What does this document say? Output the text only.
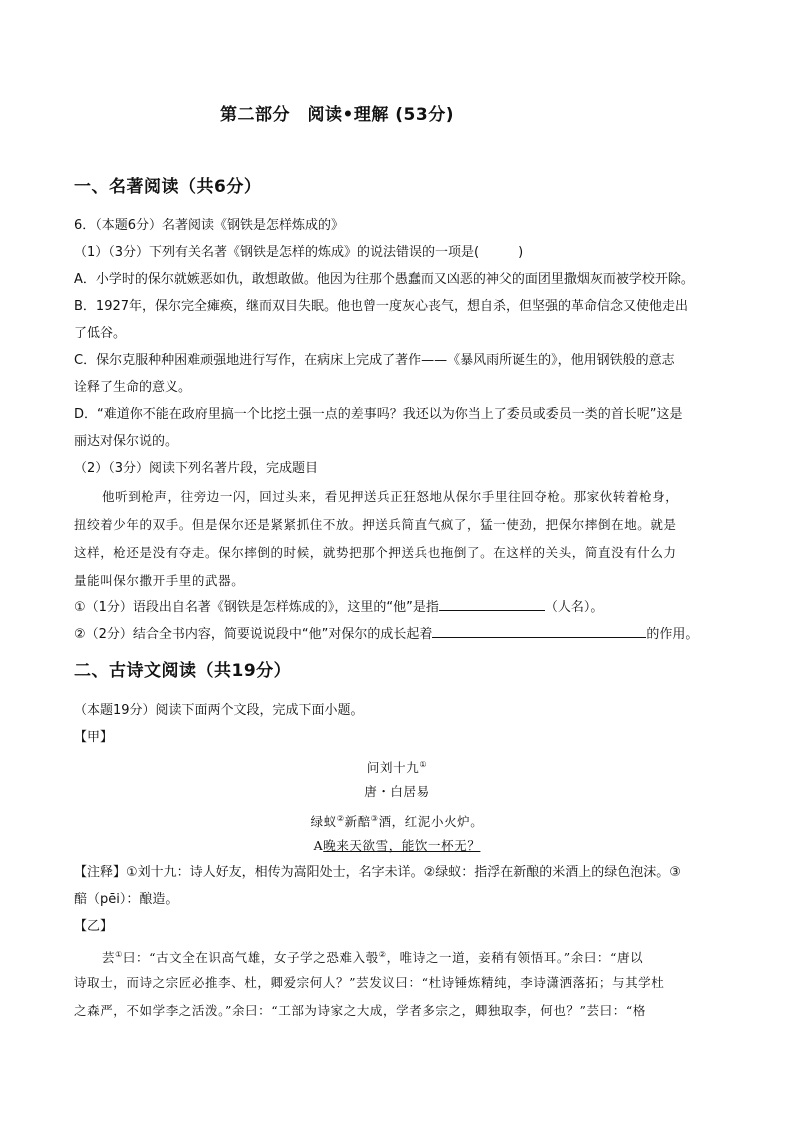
第二部分　阅读•理解 (53分)
一、名著阅读（共6分）
6．（本题6分）名著阅读《钢铁是怎样炼成的》
（1）（3分）下列有关名著《钢铁是怎样的炼成》的说法错误的一项是(　　　)
A．小学时的保尔就嫉恶如仇，敢想敢做。他因为往那个愚蠢而又凶恶的神父的面团里撒烟灰而被学校开除。
B．1927年，保尔完全瘫痪，继而双目失眠。他也曾一度灰心丧气，想自杀，但坚强的革命信念又使他走出
了低谷。
C．保尔克服种种困难顽强地进行写作，在病床上完成了著作——《暴风雨所诞生的》，他用钢铁般的意志
诠释了生命的意义。
D．“难道你不能在政府里搞一个比挖土强一点的差事吗？我还以为你当上了委员或委员一类的首长呢”这是
丽达对保尔说的。
（2）（3分）阅读下列名著片段，完成题目
他听到枪声，往旁边一闪，回过头来，看见押送兵正狂怒地从保尔手里往回夺枪。那家伙转着枪身，
扭绞着少年的双手。但是保尔还是紧紧抓住不放。押送兵简直气疯了，猛一使劲，把保尔摔倒在地。就是
这样，枪还是没有夺走。保尔摔倒的时候，就势把那个押送兵也拖倒了。在这样的关头，简直没有什么力
量能叫保尔撒开手里的武器。
①（1分）语段出自名著《钢铁是怎样炼成的》，这里的“他”是指	（人名）。
②（2分）结合全书内容，简要说说段中“他”对保尔的成长起着	的作用。
二、古诗文阅读（共19分）
（本题19分）阅读下面两个文段，完成下面小题。
【甲】
问刘十九①
唐・白居易
绿蚁②新醅③酒，红泥小火炉。
A晚来天欲雪，能饮一杯无？
【注释】①刘十九：诗人好友，相传为嵩阳处士，名字未详。②绿蚁：指浮在新酿的米酒上的绿色泡沫。③
醅（pēi）：酿造。
【乙】
芸①曰：“古文全在识高气雄，女子学之恐难入彀②，唯诗之一道，妾稍有领悟耳。”余曰：“唐以
诗取士，而诗之宗匠必推李、杜，卿爱宗何人？”芸发议曰：“杜诗锤炼精纯，李诗潇洒落拓；与其学杜
之森严，不如学李之活泼。”余曰：“工部为诗家之大成，学者多宗之，卿独取李，何也？”芸曰：“格
